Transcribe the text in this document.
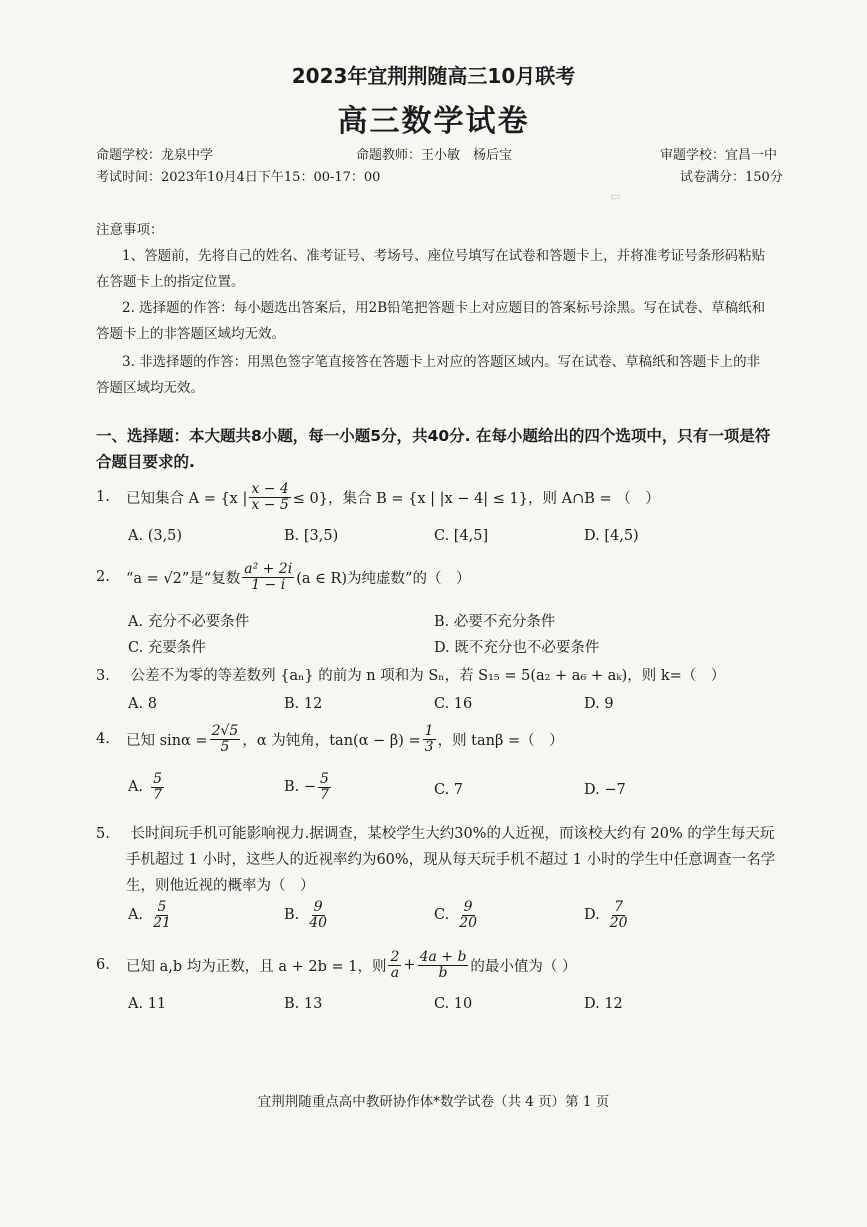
▭
2023年宜荆荆随高三10月联考
高三数学试卷
命题学校：龙泉中学	命题教师：王小敏　杨后宝	审题学校：宜昌一中
考试时间：2023年10月4日下午15：00-17：00	试卷满分：150分
注意事项：
1、答题前，先将自己的姓名、准考证号、考场号、座位号填写在试卷和答题卡上，并将准考证号条形码粘贴
在答题卡上的指定位置。
2. 选择题的作答：每小题选出答案后，用2B铅笔把答题卡上对应题目的答案标号涂黑。写在试卷、草稿纸和
答题卡上的非答题区域均无效。
3. 非选择题的作答：用黑色签字笔直接答在答题卡上对应的答题区域内。写在试卷、草稿纸和答题卡上的非
答题区域均无效。
一、选择题：本大题共8小题，每一小题5分，共40分. 在每小题给出的四个选项中，只有一项是符
合题目要求的.
1.	已知集合 A = {x | $\frac{x - 4}{x - 5} \le 0$}，集合 B = {x | |x − 4| ≤ 1}，则 A∩B = （　）
A. (3,5)	B. [3,5)	C. [4,5]	D. [4,5)
2.	“a = √2”是“复数 $\frac{\text{a² + 2i}}{1 - i} (a$ ∈ R)为纯虚数”的（　）
A. 充分不必要条件	B. 必要不充分条件
C. 充要条件	D. 既不充分也不必要条件
3. 公差不为零的等差数列 {aₙ} 的前为 n 项和为 Sₙ，若 S₁₅ = 5(a₂ + a₆ + aₖ)，则 k=（　）
A. 8	B. 12	C. 16	D. 9
4.	已知 $\sin\alpha = \frac{2√5}{5}$ ，α 为钝角，$\tan(\alpha - \beta) = \frac{1}{3}$ ，则 tanβ =（　）
A. $\frac{5}{7}$	B. − $\frac{5}{7}$	C. 7	D. −7
5. 长时间玩手机可能影响视力.据调查，某校学生大约30%的人近视，而该校大约有 20% 的学生每天玩
手机超过 1 小时，这些人的近视率约为60%，现从每天玩手机不超过 1 小时的学生中任意调查一名学
生，则他近视的概率为（　）
A. $\frac{5}{21}$	B. $\frac{9}{40}$	C. $\frac{9}{20}$	D. $\frac{7}{20}$
6.	已知 a,b 均为正数，且 a + 2b = 1，则 $\frac{2}{a} + \frac{4a + b}{b}$ 的最小值为（ ）
A. 11	B. 13	C. 10	D. 12
宜荆荆随重点高中教研协作体*数学试卷（共 4 页）第 1 页
